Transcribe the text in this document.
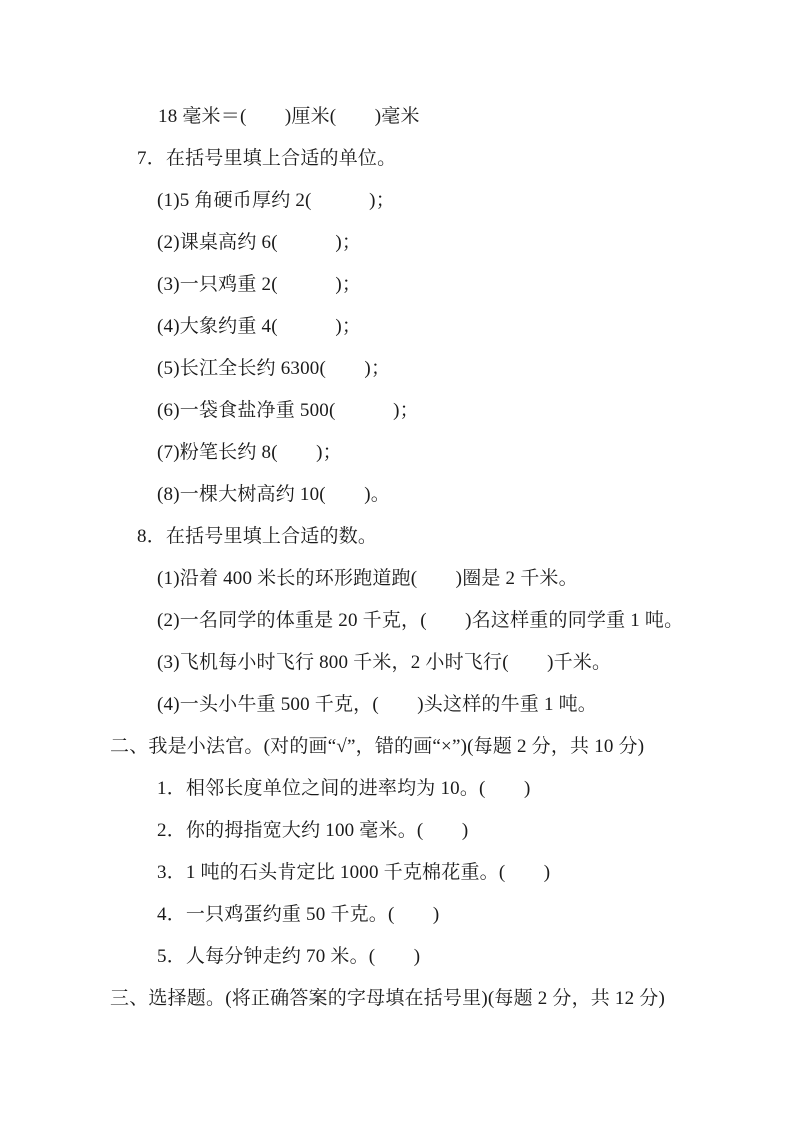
18 毫米＝(　　)厘米(　　)毫米

7．在括号里填上合适的单位。

(1)5 角硬币厚约 2(　　　)；

(2)课桌高约 6(　　　)；

(3)一只鸡重 2(　　　)；

(4)大象约重 4(　　　)；

(5)长江全长约 6300(　　)；

(6)一袋食盐净重 500(　　　)；

(7)粉笔长约 8(　　)；

(8)一棵大树高约 10(　　)。

8．在括号里填上合适的数。

(1)沿着 400 米长的环形跑道跑(　　)圈是 2 千米。

(2)一名同学的体重是 20 千克，(　　)名这样重的同学重 1 吨。

(3)飞机每小时飞行 800 千米，2 小时飞行(　　)千米。

(4)一头小牛重 500 千克，(　　)头这样的牛重 1 吨。

二、我是小法官。(对的画“√”，错的画“×”)(每题 2 分，共 10 分)

1．相邻长度单位之间的进率均为 10。(　　)

2．你的拇指宽大约 100 毫米。(　　)

3．1 吨的石头肯定比 1000 千克棉花重。(　　)

4．一只鸡蛋约重 50 千克。(　　)

5．人每分钟走约 70 米。(　　)

三、选择题。(将正确答案的字母填在括号里)(每题 2 分，共 12 分)
